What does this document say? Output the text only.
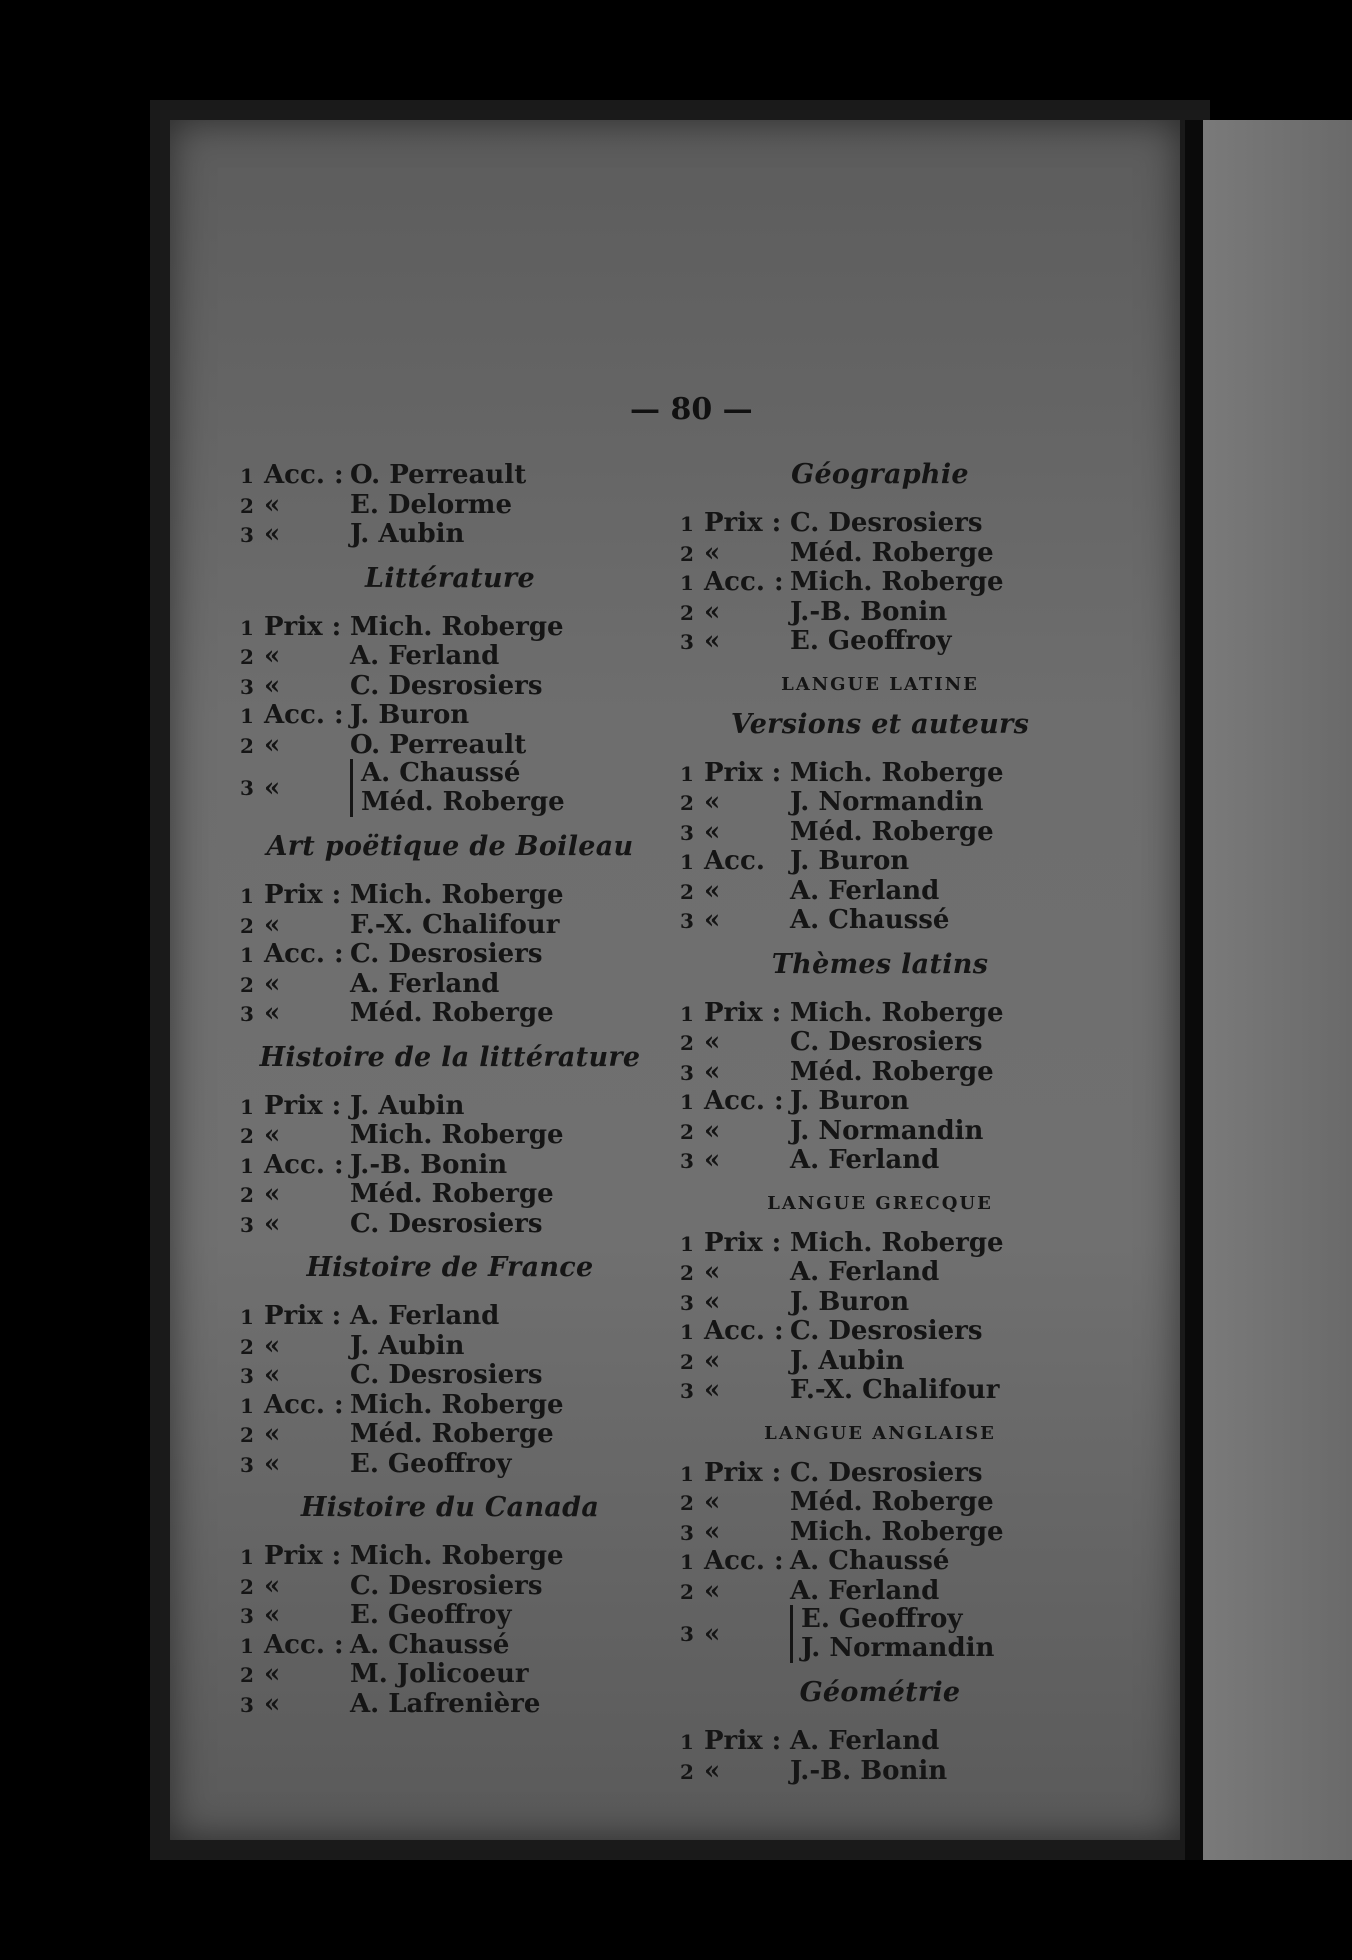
— 80 —
1 Acc. : O. Perreault
2 «	E. Delorme
3 «	J. Aubin
Littérature
1 Prix : Mich. Roberge
2 «	A. Ferland
3 «	C. Desrosiers
1 Acc. : J. Buron
2 «	O. Perreault
3 «	A. Chaussé
Méd. Roberge
Art poëtique de Boileau
1 Prix : Mich. Roberge
2 «	F.-X. Chalifour
1 Acc. : C. Desrosiers
2 «	A. Ferland
3 «	Méd. Roberge
Histoire de la littérature
1 Prix : J. Aubin
2 «	Mich. Roberge
1 Acc. : J.-B. Bonin
2 «	Méd. Roberge
3 «	C. Desrosiers
Histoire de France
1 Prix : A. Ferland
2 «	J. Aubin
3 «	C. Desrosiers
1 Acc. : Mich. Roberge
2 «	Méd. Roberge
3 «	E. Geoffroy
Histoire du Canada
1 Prix : Mich. Roberge
2 «	C. Desrosiers
3 «	E. Geoffroy
1 Acc. : A. Chaussé
2 «	M. Jolicoeur
3 «	A. Lafrenière
Géographie
1 Prix : C. Desrosiers
2 «	Méd. Roberge
1 Acc. : Mich. Roberge
2 «	J.-B. Bonin
3 «	E. Geoffroy
LANGUE LATINE
Versions et auteurs
1 Prix : Mich. Roberge
2 «	J. Normandin
3 «	Méd. Roberge
1 Acc. J. Buron
2 «	A. Ferland
3 «	A. Chaussé
Thèmes latins
1 Prix : Mich. Roberge
2 «	C. Desrosiers
3 «	Méd. Roberge
1 Acc. : J. Buron
2 «	J. Normandin
3 «	A. Ferland
LANGUE GRECQUE
1 Prix : Mich. Roberge
2 «	A. Ferland
3 «	J. Buron
1 Acc. : C. Desrosiers
2 «	J. Aubin
3 «	F.-X. Chalifour
LANGUE ANGLAISE
1 Prix : C. Desrosiers
2 «	Méd. Roberge
3 «	Mich. Roberge
1 Acc. : A. Chaussé
2 «	A. Ferland
3 «	E. Geoffroy
J. Normandin
Géométrie
1 Prix : A. Ferland
2 «	J.-B. Bonin
